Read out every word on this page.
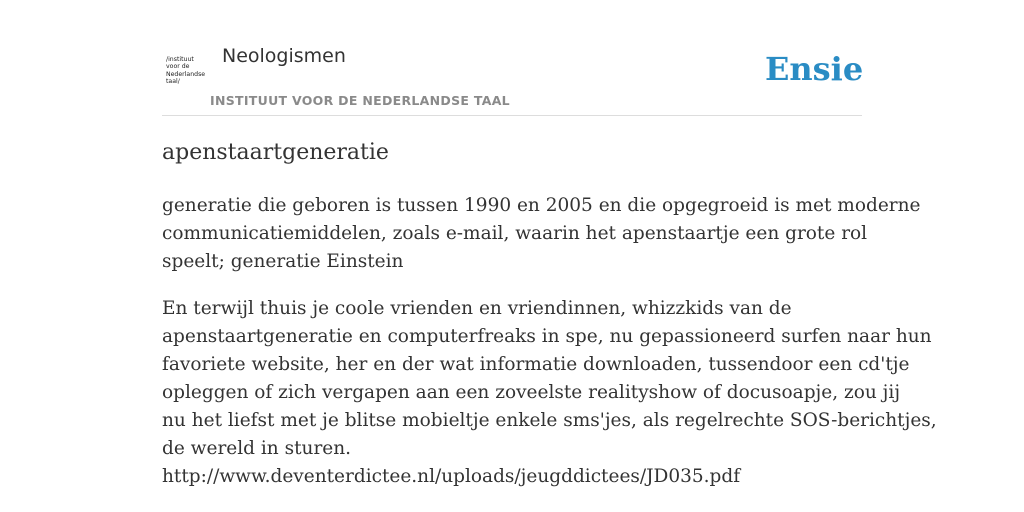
/instituut
voor de
Nederlandse
taal/
Neologismen
INSTITUUT VOOR DE NEDERLANDSE TAAL
Ensie
apenstaartgeneratie
generatie die geboren is tussen 1990 en 2005 en die opgegroeid is met moderne
communicatiemiddelen, zoals e-mail, waarin het apenstaartje een grote rol
speelt; generatie Einstein
En terwijl thuis je coole vrienden en vriendinnen, whizzkids van de
apenstaartgeneratie en computerfreaks in spe, nu gepassioneerd surfen naar hun
favoriete website, her en der wat informatie downloaden, tussendoor een cd'tje
opleggen of zich vergapen aan een zoveelste realityshow of docusoapje, zou jij
nu het liefst met je blitse mobieltje enkele sms'jes, als regelrechte SOS-berichtjes,
de wereld in sturen.
http://www.deventerdictee.nl/uploads/jeugddictees/JD035.pdf
